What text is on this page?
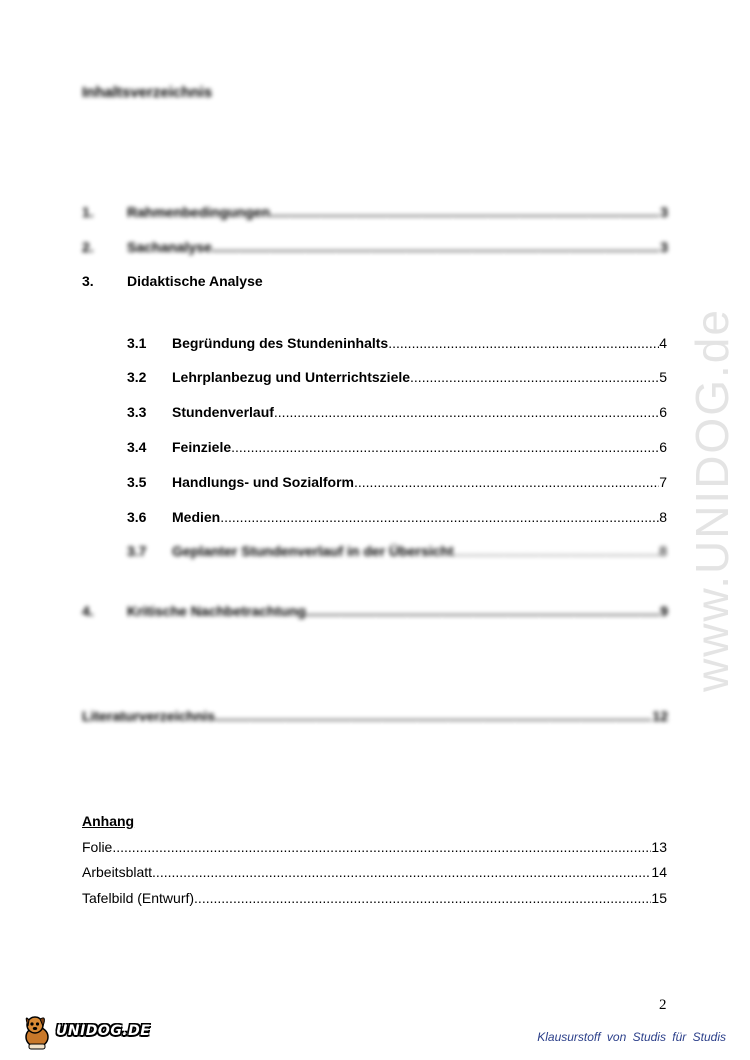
Inhaltsverzeichnis
1.	Rahmenbedingungen .....	3
2.	Sachanalyse .....	3
3.	Didaktische Analyse
3.1	Begründung des Stundeninhalts .....	4
3.2	Lehrplanbezug und Unterrichtsziele .....	5
3.3	Stundenverlauf .....	6
3.4	Feinziele .....	6
3.5	Handlungs- und Sozialform .....	7
3.6	Medien .....	8
3.7	Geplanter Stundenverlauf in der Übersicht .....	8
4.	Kritische Nachbetrachtung .....	9
Literaturverzeichnis .....	12
Anhang
Folie .....	13
Arbeitsblatt .....	14
Tafelbild (Entwurf) .....	15
www.UNIDOG.de
2
UNIDOG.DE	Klausurstoff von Studis für Studis
